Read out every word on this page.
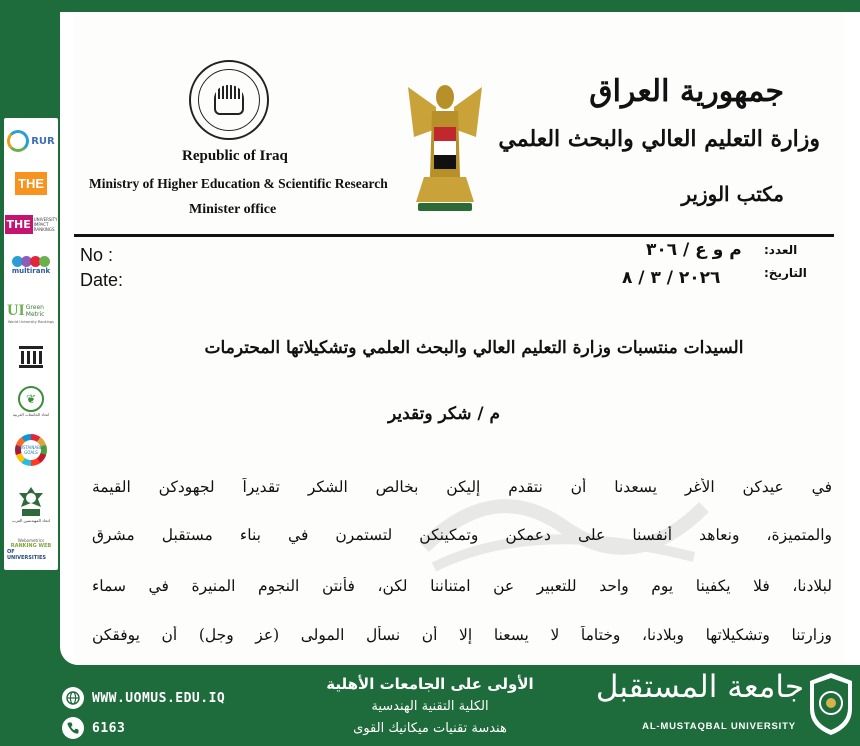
RUR
THE
THE UNIVERSITY IMPACT RANKINGS
multirank
UI Green Metric
World University Rankings
❦
اتحاد الجامعات العربية
SUSTAINABLE GOALS
اتحاد المهندسين العرب
Webometrics
RANKING WEB
OF UNIVERSITIES
Republic of Iraq
Ministry of Higher Education & Scientific Research
Minister office
جمهورية العراق
وزارة التعليم العالي والبحث العلمي
مكتب الوزير
No :
Date:
العدد:
م و ع / ٣٠٦
التاريخ:
٢٠٢٦ / ٣ / ٨
السيدات منتسبات وزارة التعليم العالي والبحث العلمي وتشكيلاتها المحترمات
م / شكر وتقدير
في عيدكن الأغر يسعدنا أن نتقدم إليكن بخالص الشكر تقديراً لجهودكن القيمة
والمتميزة، ونعاهد أنفسنا على دعمكن وتمكينكن لتستمرن في بناء مستقبل مشرق
لبلادنا، فلا يكفينا يوم واحد للتعبير عن امتناننا لكن، فأنتن النجوم المنيرة في سماء
وزارتنا وتشكيلاتها وبلادنا، وختاماً لا يسعنا إلا أن نسأل المولى (عز وجل) أن يوفقكن
WWW.UOMUS.EDU.IQ
6163
الأولى على الجامعات الأهلية
الكلية التقنية الهندسية
هندسة تقنيات ميكانيك القوى
جامعة المستقبل
AL-MUSTAQBAL UNIVERSITY
